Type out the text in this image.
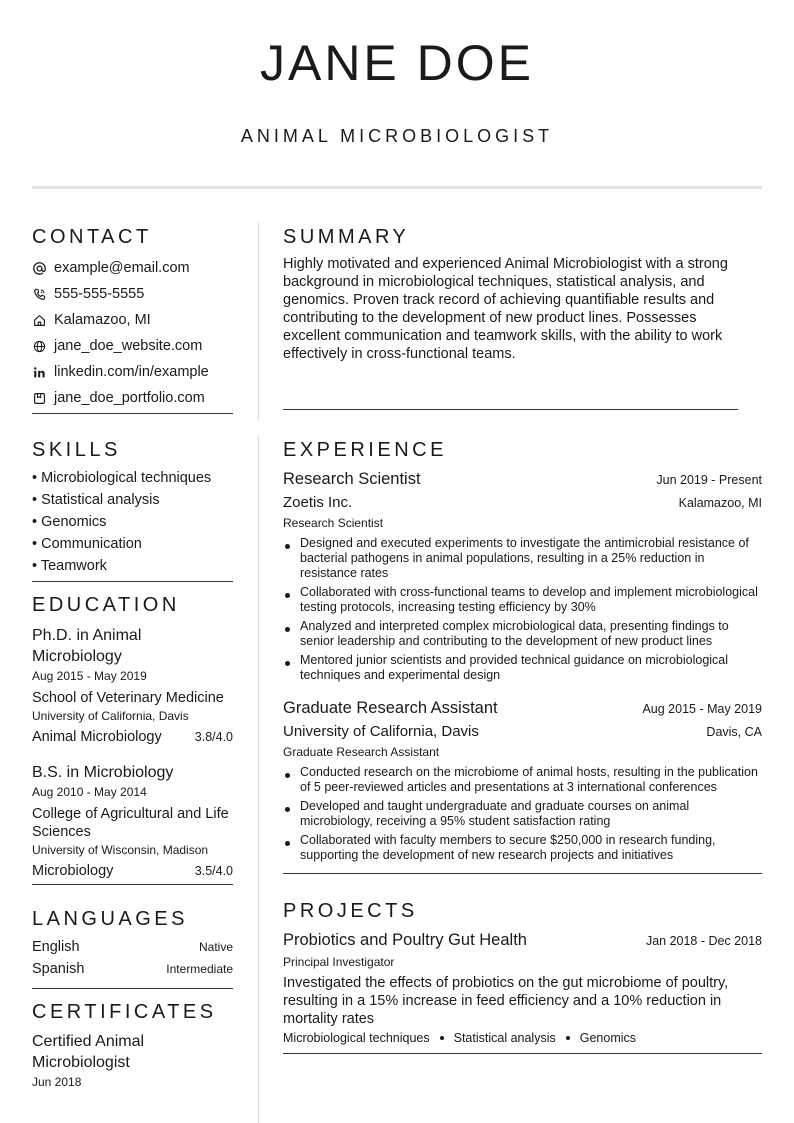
JANE DOE
ANIMAL MICROBIOLOGIST
CONTACT
example@email.com
555-555-5555
Kalamazoo, MI
jane_doe_website.com
linkedin.com/in/example
jane_doe_portfolio.com
SKILLS
• Microbiological techniques
• Statistical analysis
• Genomics
• Communication
• Teamwork
EDUCATION
Ph.D. in Animal Microbiology
Aug 2015 - May 2019
School of Veterinary Medicine
University of California, Davis
Animal Microbiology	3.8/4.0
B.S. in Microbiology
Aug 2010 - May 2014
College of Agricultural and Life Sciences
University of Wisconsin, Madison
Microbiology	3.5/4.0
LANGUAGES
English	Native
Spanish	Intermediate
CERTIFICATES
Certified Animal Microbiologist
Jun 2018
SUMMARY
Highly motivated and experienced Animal Microbiologist with a strong background in microbiological techniques, statistical analysis, and genomics. Proven track record of achieving quantifiable results and contributing to the development of new product lines. Possesses excellent communication and teamwork skills, with the ability to work effectively in cross-functional teams.
EXPERIENCE
Research Scientist	Jun 2019 - Present
Zoetis Inc.	Kalamazoo, MI
Research Scientist
Designed and executed experiments to investigate the antimicrobial resistance of bacterial pathogens in animal populations, resulting in a 25% reduction in resistance rates
Collaborated with cross-functional teams to develop and implement microbiological testing protocols, increasing testing efficiency by 30%
Analyzed and interpreted complex microbiological data, presenting findings to senior leadership and contributing to the development of new product lines
Mentored junior scientists and provided technical guidance on microbiological techniques and experimental design
Graduate Research Assistant	Aug 2015 - May 2019
University of California, Davis	Davis, CA
Graduate Research Assistant
Conducted research on the microbiome of animal hosts, resulting in the publication of 5 peer-reviewed articles and presentations at 3 international conferences
Developed and taught undergraduate and graduate courses on animal microbiology, receiving a 95% student satisfaction rating
Collaborated with faculty members to secure $250,000 in research funding, supporting the development of new research projects and initiatives
PROJECTS
Probiotics and Poultry Gut Health	Jan 2018 - Dec 2018
Principal Investigator
Investigated the effects of probiotics on the gut microbiome of poultry, resulting in a 15% increase in feed efficiency and a 10% reduction in mortality rates
Microbiological techniques Statistical analysis Genomics
